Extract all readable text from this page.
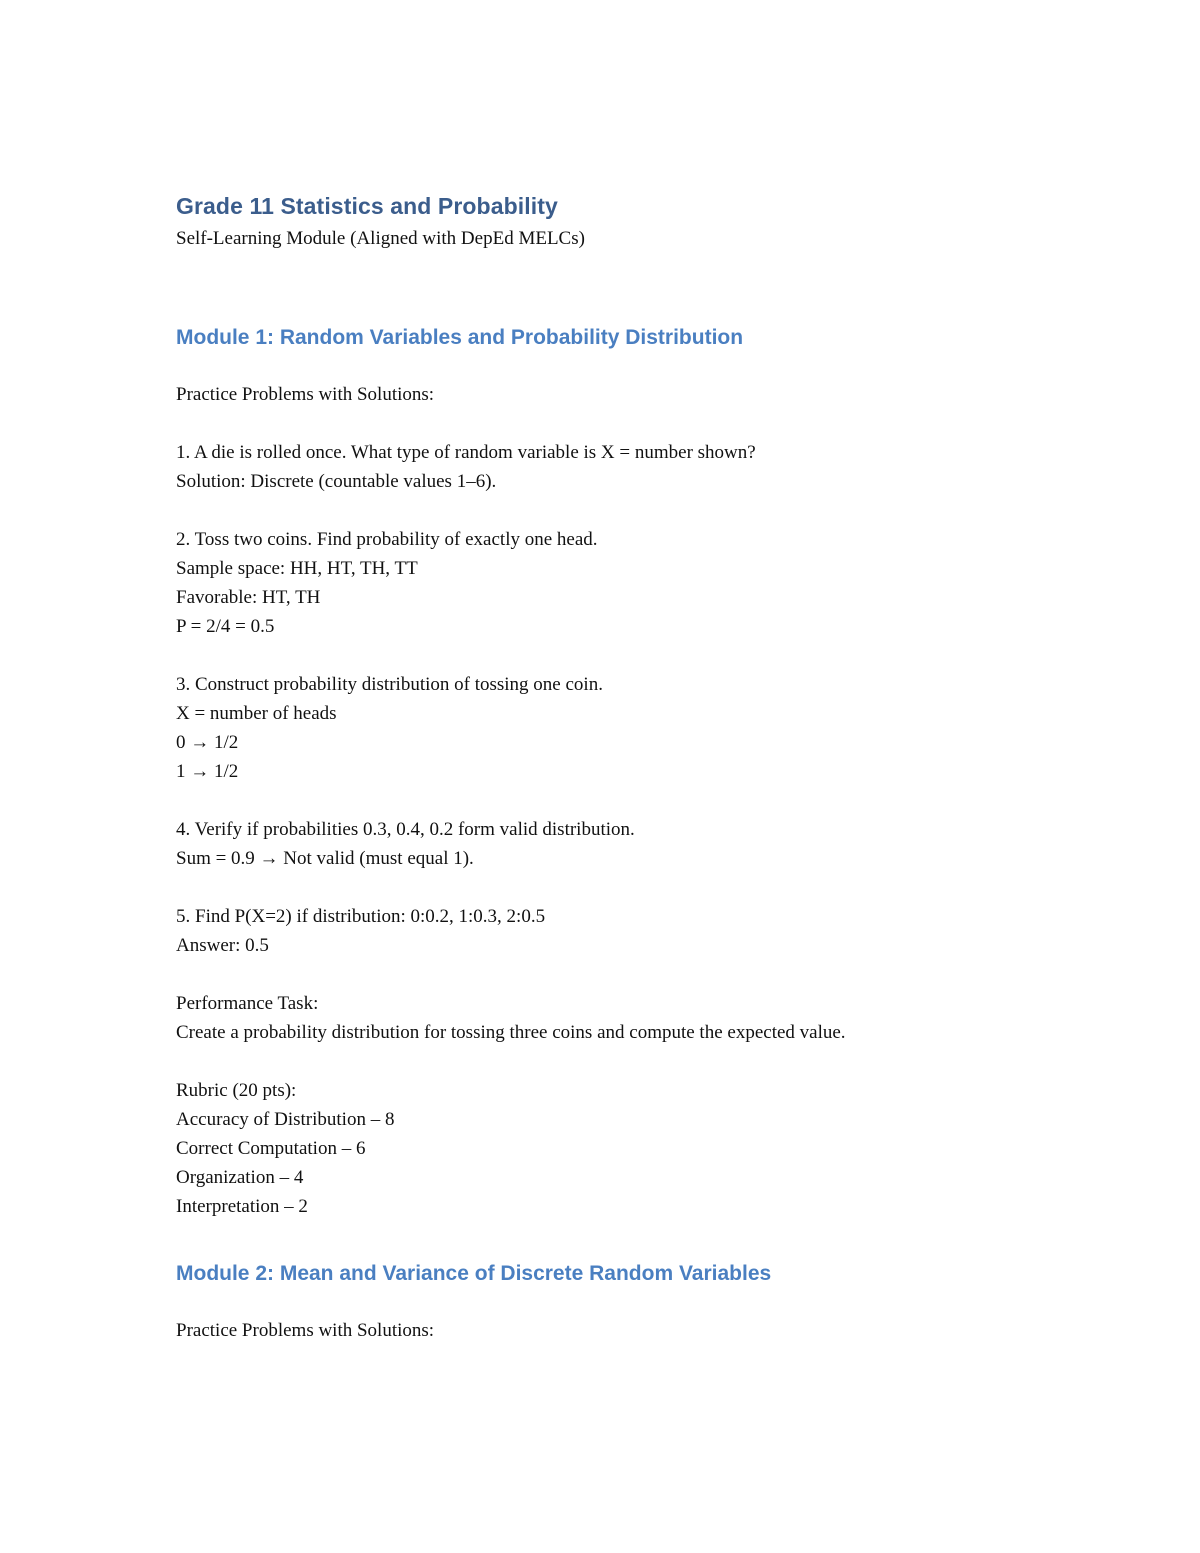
Grade 11 Statistics and Probability

Self-Learning Module (Aligned with DepEd MELCs)

Module 1: Random Variables and Probability Distribution

Practice Problems with Solutions:

1. A die is rolled once. What type of random variable is X = number shown?

Solution: Discrete (countable values 1–6).

2. Toss two coins. Find probability of exactly one head.

Sample space: HH, HT, TH, TT

Favorable: HT, TH

P = 2/4 = 0.5

3. Construct probability distribution of tossing one coin.

X = number of heads

0 → 1/2

1 → 1/2

4. Verify if probabilities 0.3, 0.4, 0.2 form valid distribution.

Sum = 0.9 → Not valid (must equal 1).

5. Find P(X=2) if distribution: 0:0.2, 1:0.3, 2:0.5

Answer: 0.5

Performance Task:

Create a probability distribution for tossing three coins and compute the expected value.

Rubric (20 pts):

Accuracy of Distribution – 8

Correct Computation – 6

Organization – 4

Interpretation – 2

Module 2: Mean and Variance of Discrete Random Variables

Practice Problems with Solutions:
